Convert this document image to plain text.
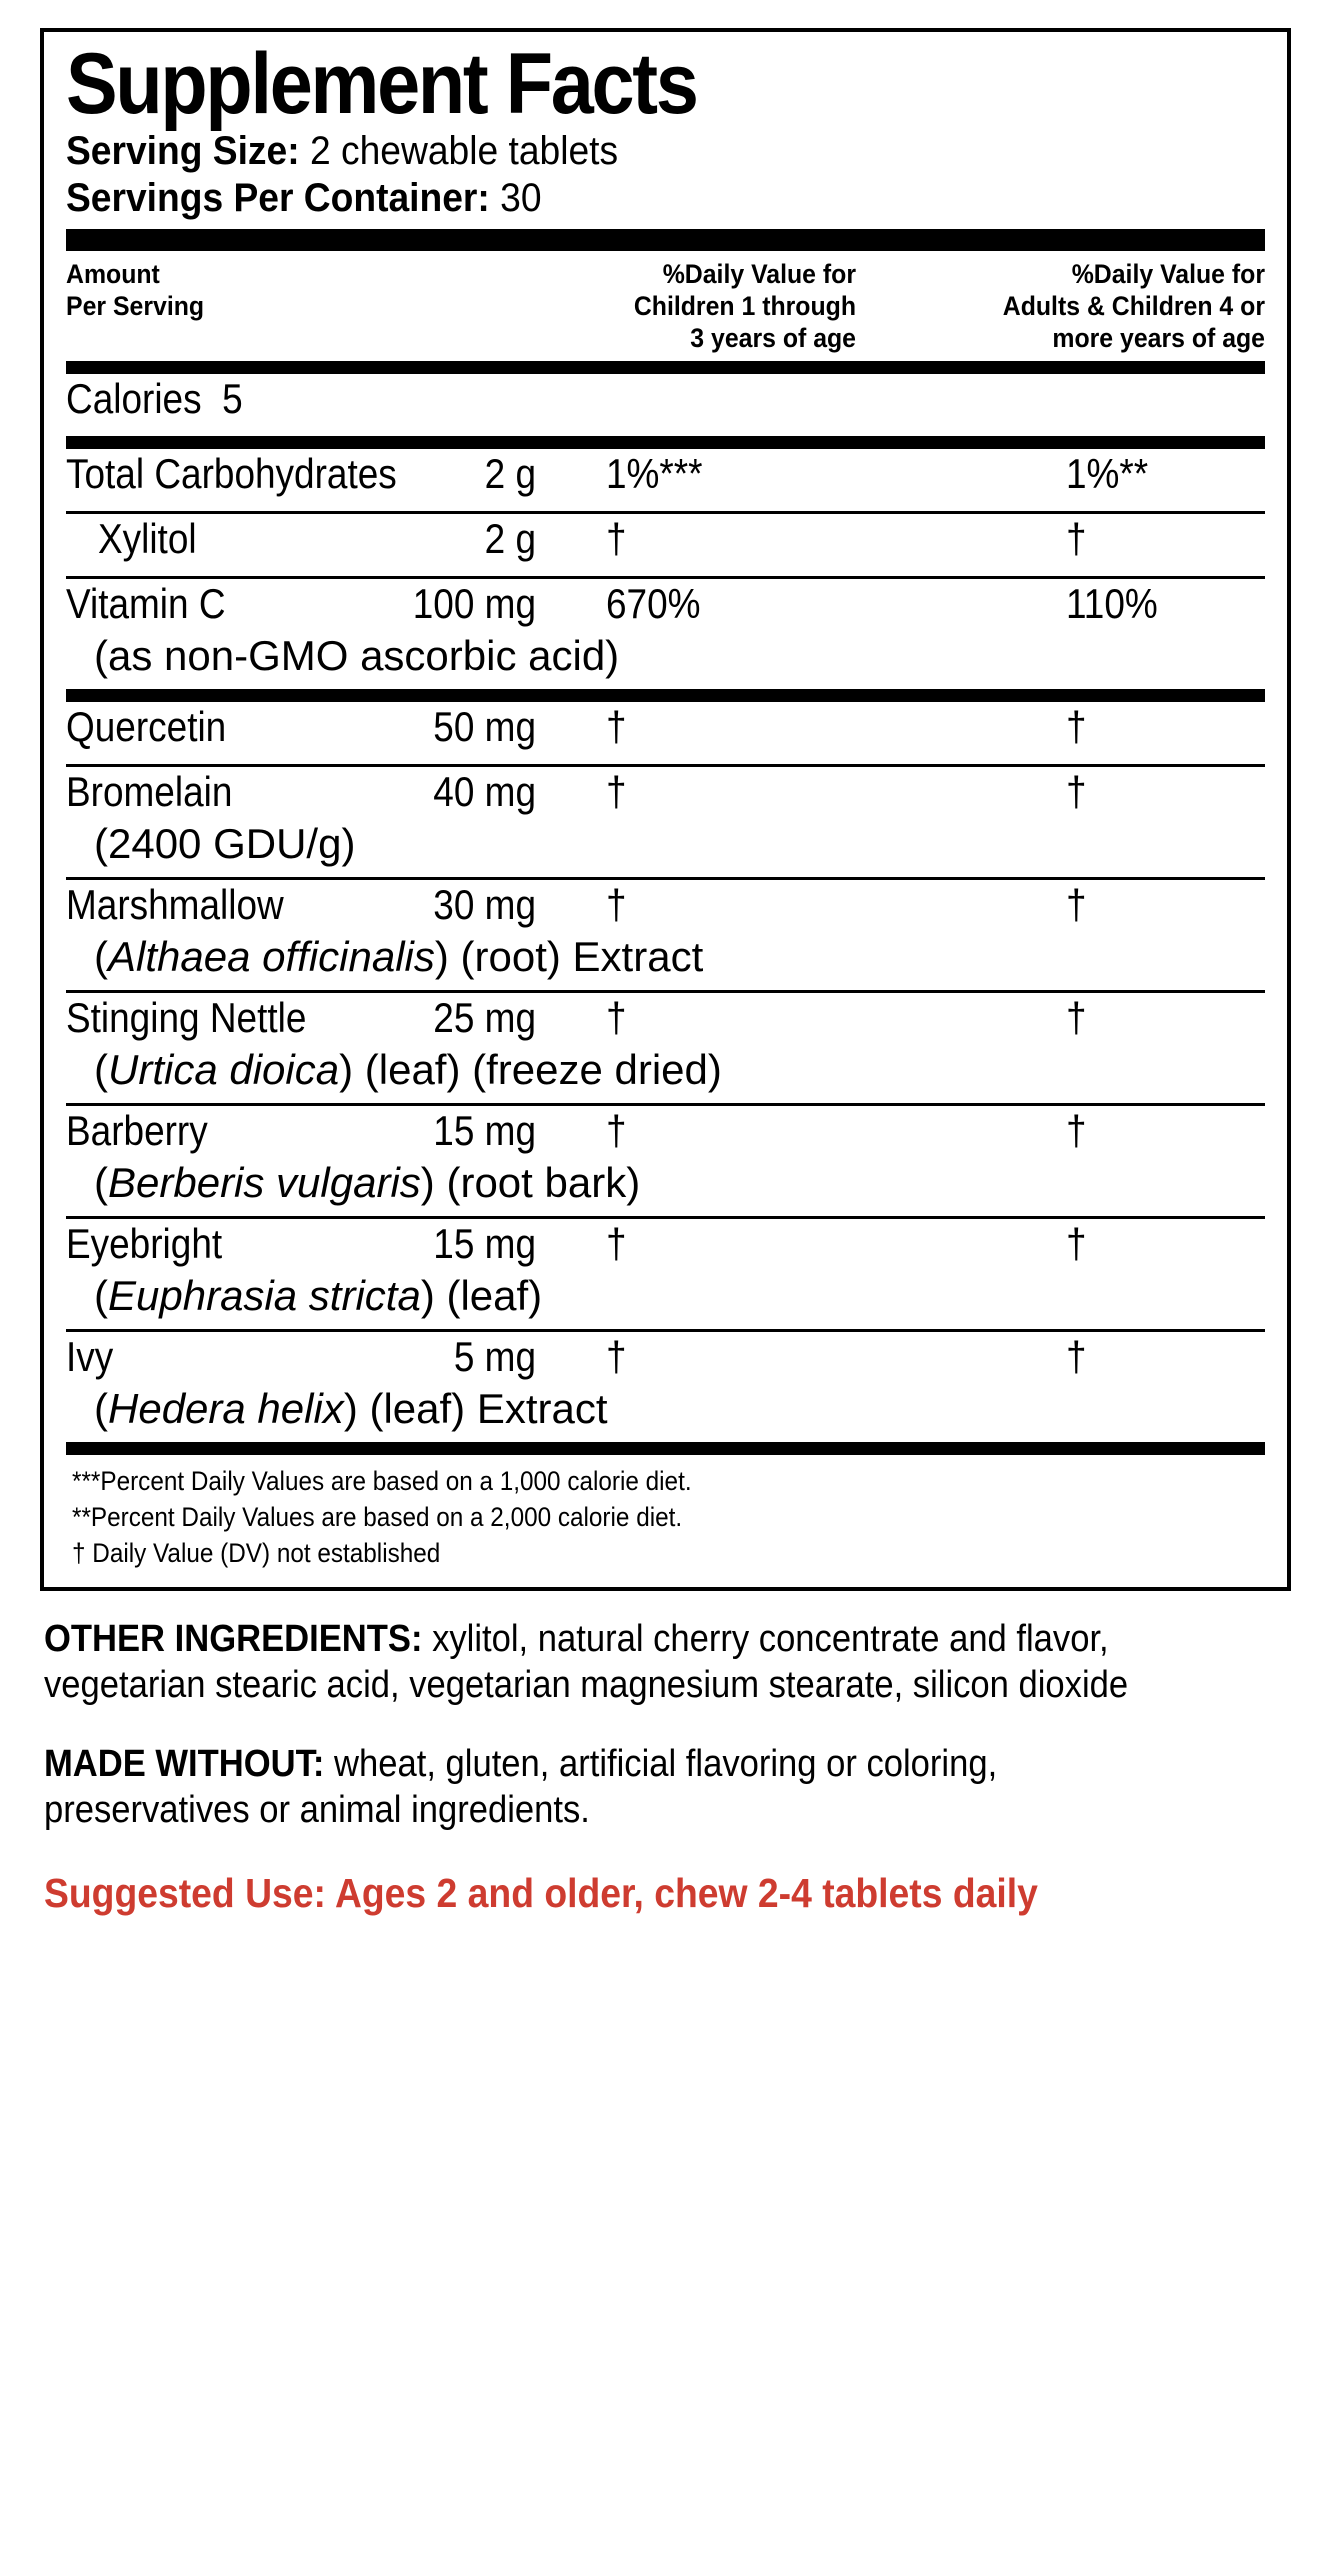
Supplement Facts
Serving Size: 2 chewable tablets
Servings Per Container: 30
Amount
Per Serving
%Daily Value for
Children 1 through
3 years of age
%Daily Value for
Adults & Children 4 or
more years of age
Calories 5
Total Carbohydrates	2 g 1%***	1%**
Xylitol	2 g †	†
Vitamin C	100 mg 670%	110%
(as non-GMO ascorbic acid)
Quercetin	50 mg †	†
Bromelain	40 mg †	†
(2400 GDU/g)
Marshmallow	30 mg †	†
(Althaea officinalis) (root) Extract
Stinging Nettle	25 mg †	†
(Urtica dioica) (leaf) (freeze dried)
Barberry	15 mg †	†
(Berberis vulgaris) (root bark)
Eyebright	15 mg †	†
(Euphrasia stricta) (leaf)
Ivy	5 mg †	†
(Hedera helix) (leaf) Extract
***Percent Daily Values are based on a 1,000 calorie diet.
**Percent Daily Values are based on a 2,000 calorie diet.
† Daily Value (DV) not established
OTHER INGREDIENTS: xylitol, natural cherry concentrate and flavor, vegetarian stearic acid, vegetarian magnesium stearate, silicon dioxide
MADE WITHOUT: wheat, gluten, artificial flavoring or coloring, preservatives or animal ingredients.
Suggested Use: Ages 2 and older, chew 2-4 tablets daily
